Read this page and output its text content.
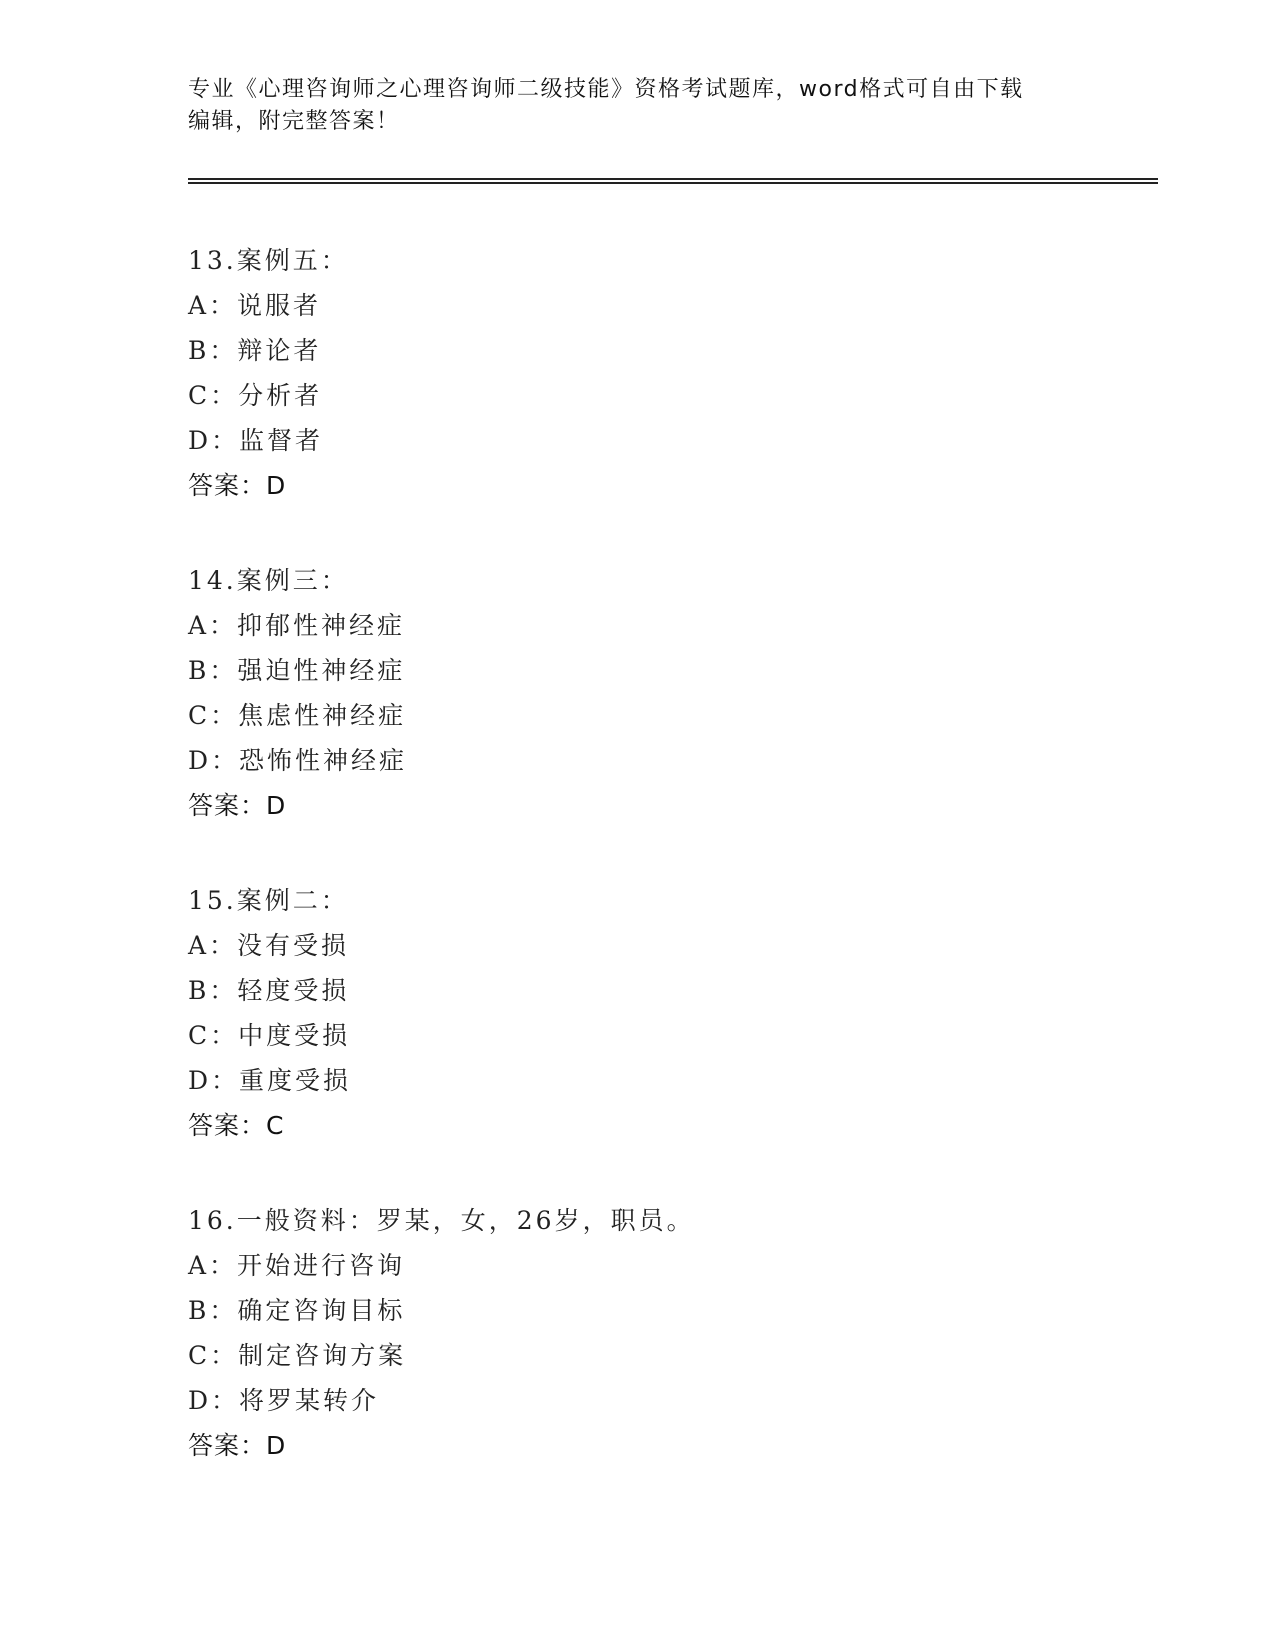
专业《心理咨询师之心理咨询师二级技能》资格考试题库，word格式可自由下载
编辑，附完整答案！
13.案例五：
A：说服者
B：辩论者
C：分析者
D：监督者
答案：D
14.案例三：
A：抑郁性神经症
B：强迫性神经症
C：焦虑性神经症
D：恐怖性神经症
答案：D
15.案例二：
A：没有受损
B：轻度受损
C：中度受损
D：重度受损
答案：C
16.一般资料：罗某，女，26岁，职员。
A：开始进行咨询
B：确定咨询目标
C：制定咨询方案
D：将罗某转介
答案：D
